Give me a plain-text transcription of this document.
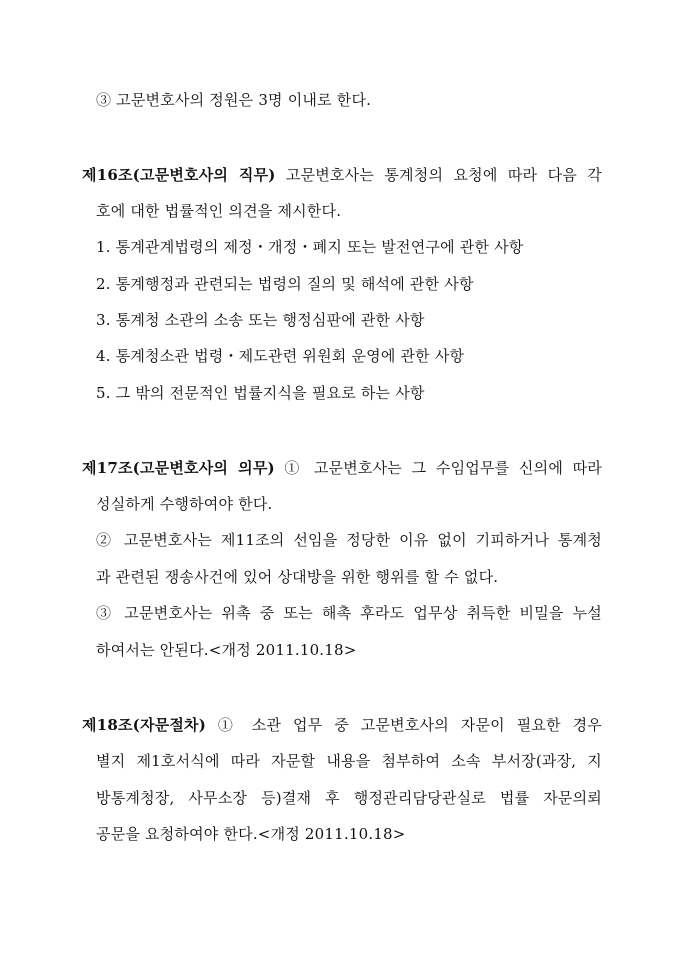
③ 고문변호사의 정원은 3명 이내로 한다.
제16조(고문변호사의 직무) 고문변호사는 통계청의 요청에 따라 다음 각
호에 대한 법률적인 의견을 제시한다.
1. 통계관계법령의 제정・개정・폐지 또는 발전연구에 관한 사항
2. 통계행정과 관련되는 법령의 질의 및 해석에 관한 사항
3. 통계청 소관의 소송 또는 행정심판에 관한 사항
4. 통계청소관 법령・제도관련 위원회 운영에 관한 사항
5. 그 밖의 전문적인 법률지식을 필요로 하는 사항
제17조(고문변호사의 의무) ① 고문변호사는 그 수임업무를 신의에 따라
성실하게 수행하여야 한다.
② 고문변호사는 제11조의 선임을 정당한 이유 없이 기피하거나 통계청
과 관련된 쟁송사건에 있어 상대방을 위한 행위를 할 수 없다.
③ 고문변호사는 위촉 중 또는 해촉 후라도 업무상 취득한 비밀을 누설
하여서는 안된다.<개정 2011.10.18>
제18조(자문절차) ① 소관 업무 중 고문변호사의 자문이 필요한 경우
별지 제1호서식에 따라 자문할 내용을 첨부하여 소속 부서장(과장, 지
방통계청장, 사무소장 등)결재 후 행정관리담당관실로 법률 자문의뢰
공문을 요청하여야 한다.<개정 2011.10.18>
